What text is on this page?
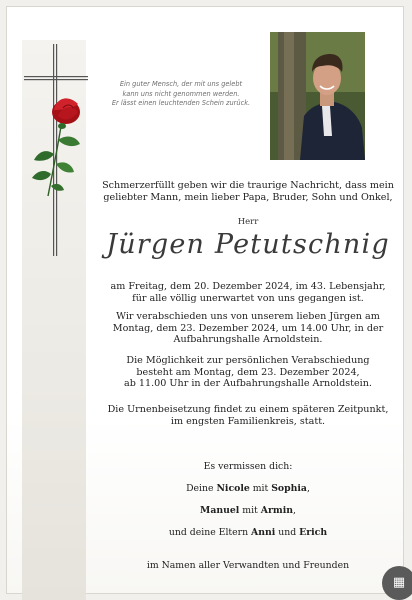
Ein guter Mensch, der mit uns gelebt
kann uns nicht genommen werden.
Er lässt einen leuchtenden Schein zurück.
Schmerzerfüllt geben wir die traurige Nachricht, dass mein
geliebter Mann, mein lieber Papa, Bruder, Sohn und Onkel,
Herr
Jürgen Petutschnig
am Freitag, dem 20. Dezember 2024, im 43. Lebensjahr,
für alle völlig unerwartet von uns gegangen ist.
Wir verabschieden uns von unserem lieben Jürgen am
Montag, dem 23. Dezember 2024, um 14.00 Uhr, in der
Aufbahrungshalle Arnoldstein.
Die Möglichkeit zur persönlichen Verabschiedung
besteht am Montag, dem 23. Dezember 2024,
ab 11.00 Uhr in der Aufbahrungshalle Arnoldstein.
Die Urnenbeisetzung findet zu einem späteren Zeitpunkt,
im engsten Familienkreis, statt.
Es vermissen dich:
Deine Nicole mit Sophia,
Manuel mit Armin,
und deine Eltern Anni und Erich
im Namen aller Verwandten und Freunden
▦
